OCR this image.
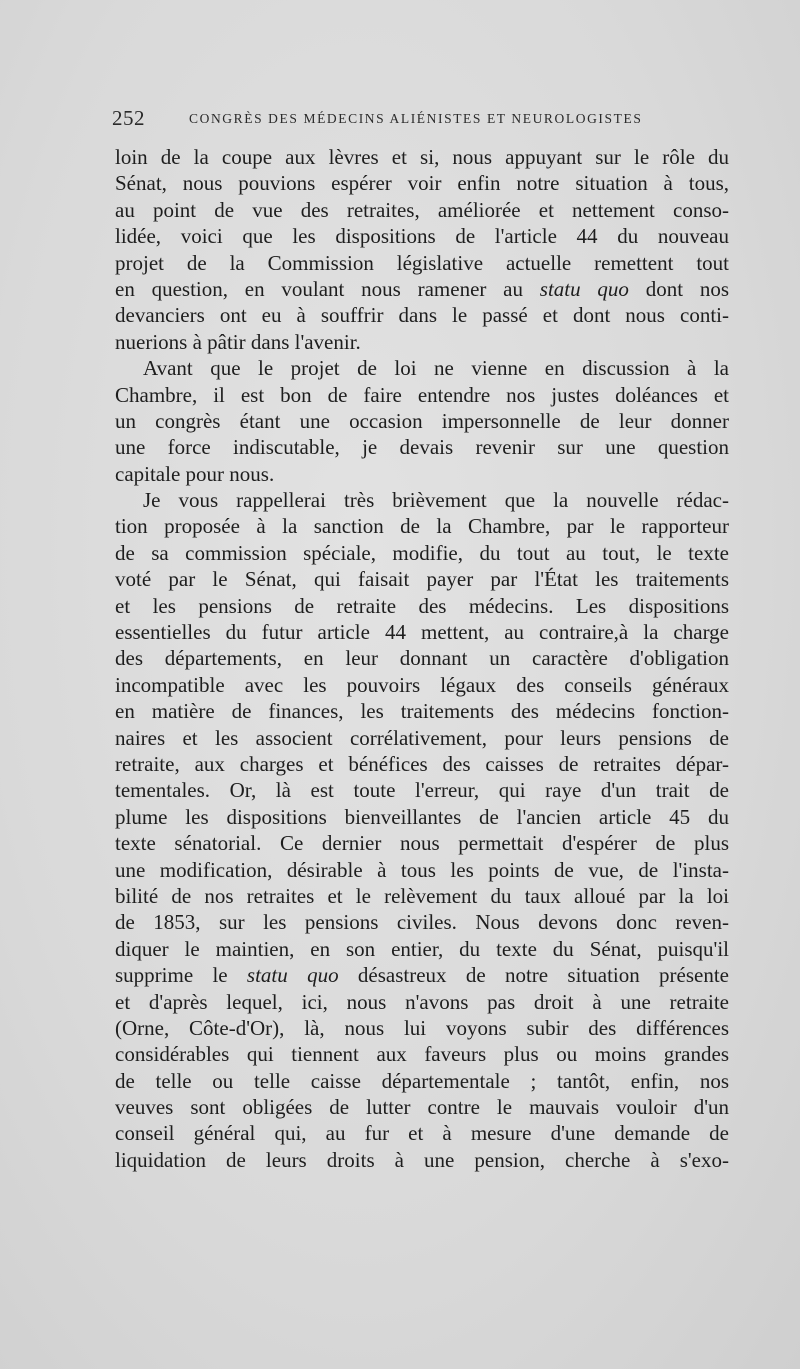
252	CONGRÈS DES MÉDECINS ALIÉNISTES ET NEUROLOGISTES
loin de la coupe aux lèvres et si, nous appuyant sur le rôle du
Sénat, nous pouvions espérer voir enfin notre situation à tous,
au point de vue des retraites, améliorée et nettement conso-
lidée, voici que les dispositions de l'article 44 du nouveau
projet de la Commission législative actuelle remettent tout
en question, en voulant nous ramener au statu quo dont nos
devanciers ont eu à souffrir dans le passé et dont nous conti-
nuerions à pâtir dans l'avenir.
Avant que le projet de loi ne vienne en discussion à la
Chambre, il est bon de faire entendre nos justes doléances et
un congrès étant une occasion impersonnelle de leur donner
une force indiscutable, je devais revenir sur une question
capitale pour nous.
Je vous rappellerai très brièvement que la nouvelle rédac-
tion proposée à la sanction de la Chambre, par le rapporteur
de sa commission spéciale, modifie, du tout au tout, le texte
voté par le Sénat, qui faisait payer par l'État les traitements
et les pensions de retraite des médecins. Les dispositions
essentielles du futur article 44 mettent, au contraire,à la charge
des départements, en leur donnant un caractère d'obligation
incompatible avec les pouvoirs légaux des conseils généraux
en matière de finances, les traitements des médecins fonction-
naires et les associent corrélativement, pour leurs pensions de
retraite, aux charges et bénéfices des caisses de retraites dépar-
tementales. Or, là est toute l'erreur, qui raye d'un trait de
plume les dispositions bienveillantes de l'ancien article 45 du
texte sénatorial. Ce dernier nous permettait d'espérer de plus
une modification, désirable à tous les points de vue, de l'insta-
bilité de nos retraites et le relèvement du taux alloué par la loi
de 1853, sur les pensions civiles. Nous devons donc reven-
diquer le maintien, en son entier, du texte du Sénat, puisqu'il
supprime le statu quo désastreux de notre situation présente
et d'après lequel, ici, nous n'avons pas droit à une retraite
(Orne, Côte-d'Or), là, nous lui voyons subir des différences
considérables qui tiennent aux faveurs plus ou moins grandes
de telle ou telle caisse départementale ; tantôt, enfin, nos
veuves sont obligées de lutter contre le mauvais vouloir d'un
conseil général qui, au fur et à mesure d'une demande de
liquidation de leurs droits à une pension, cherche à s'exo-
